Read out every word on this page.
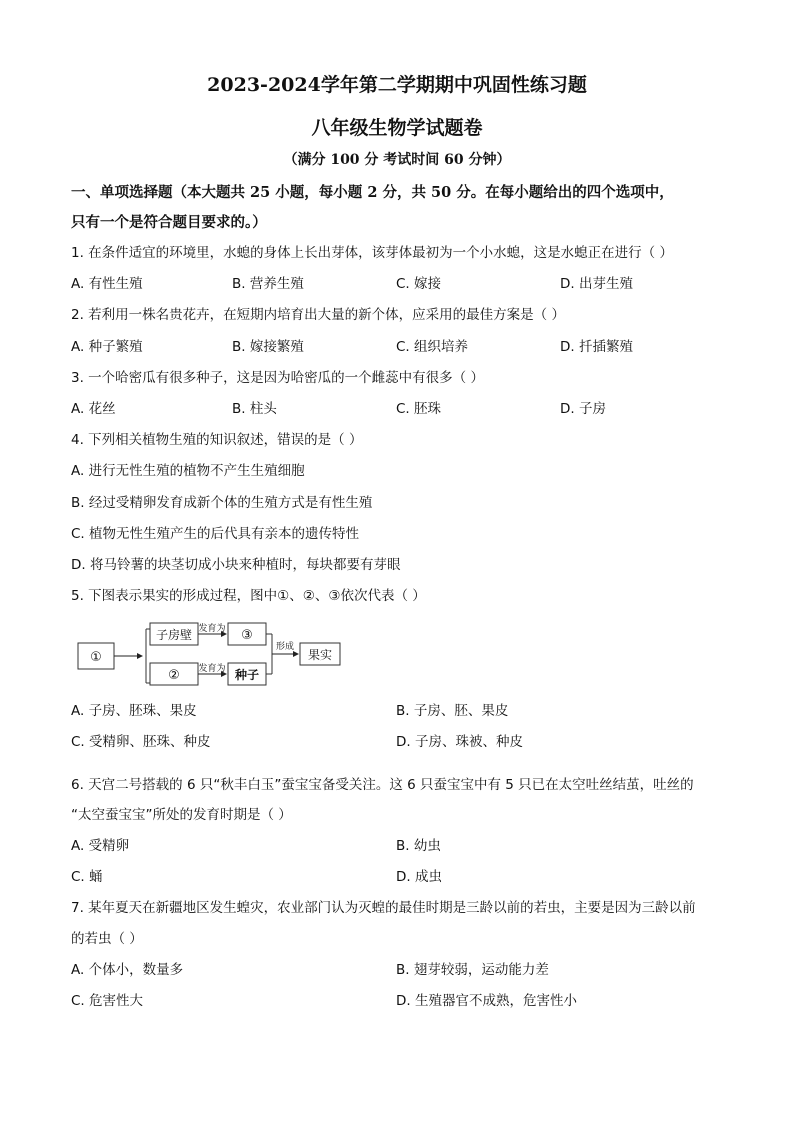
2023-2024学年第二学期期中巩固性练习题
八年级生物学试题卷
（满分 100 分 考试时间 60 分钟）
一、单项选择题（本大题共 25 小题，每小题 2 分，共 50 分。在每小题给出的四个选项中，
只有一个是符合题目要求的。）
1. 在条件适宜的环境里，水螅的身体上长出芽体，该芽体最初为一个小水螅，这是水螅正在进行（ ）
A. 有性生殖	B. 营养生殖	C. 嫁接	D. 出芽生殖
2. 若利用一株名贵花卉，在短期内培育出大量的新个体，应采用的最佳方案是（ ）
A. 种子繁殖	B. 嫁接繁殖	C. 组织培养	D. 扦插繁殖
3. 一个哈密瓜有很多种子，这是因为哈密瓜的一个雌蕊中有很多（ ）
A. 花丝	B. 柱头	C. 胚珠	D. 子房
4. 下列相关植物生殖的知识叙述，错误的是（ ）
A. 进行无性生殖的植物不产生生殖细胞
B. 经过受精卵发育成新个体的生殖方式是有性生殖
C. 植物无性生殖产生的后代具有亲本的遗传特性
D. 将马铃薯的块茎切成小块来种植时，每块都要有芽眼
5. 下图表示果实的形成过程，图中①、②、③依次代表（ ）
①
子房壁
②
发育为
发育为
③
种子
形成
果实
A. 子房、胚珠、果皮	B. 子房、胚、果皮
C. 受精卵、胚珠、种皮	D. 子房、珠被、种皮
6. 天宫二号搭载的 6 只“秋丰白玉”蚕宝宝备受关注。这 6 只蚕宝宝中有 5 只已在太空吐丝结茧，吐丝的
“太空蚕宝宝”所处的发育时期是（ ）
A. 受精卵	B. 幼虫
C. 蛹	D. 成虫
7. 某年夏天在新疆地区发生蝗灾，农业部门认为灭蝗的最佳时期是三龄以前的若虫，主要是因为三龄以前
的若虫（ ）
A. 个体小，数量多	B. 翅芽较弱，运动能力差
C. 危害性大	D. 生殖器官不成熟，危害性小
